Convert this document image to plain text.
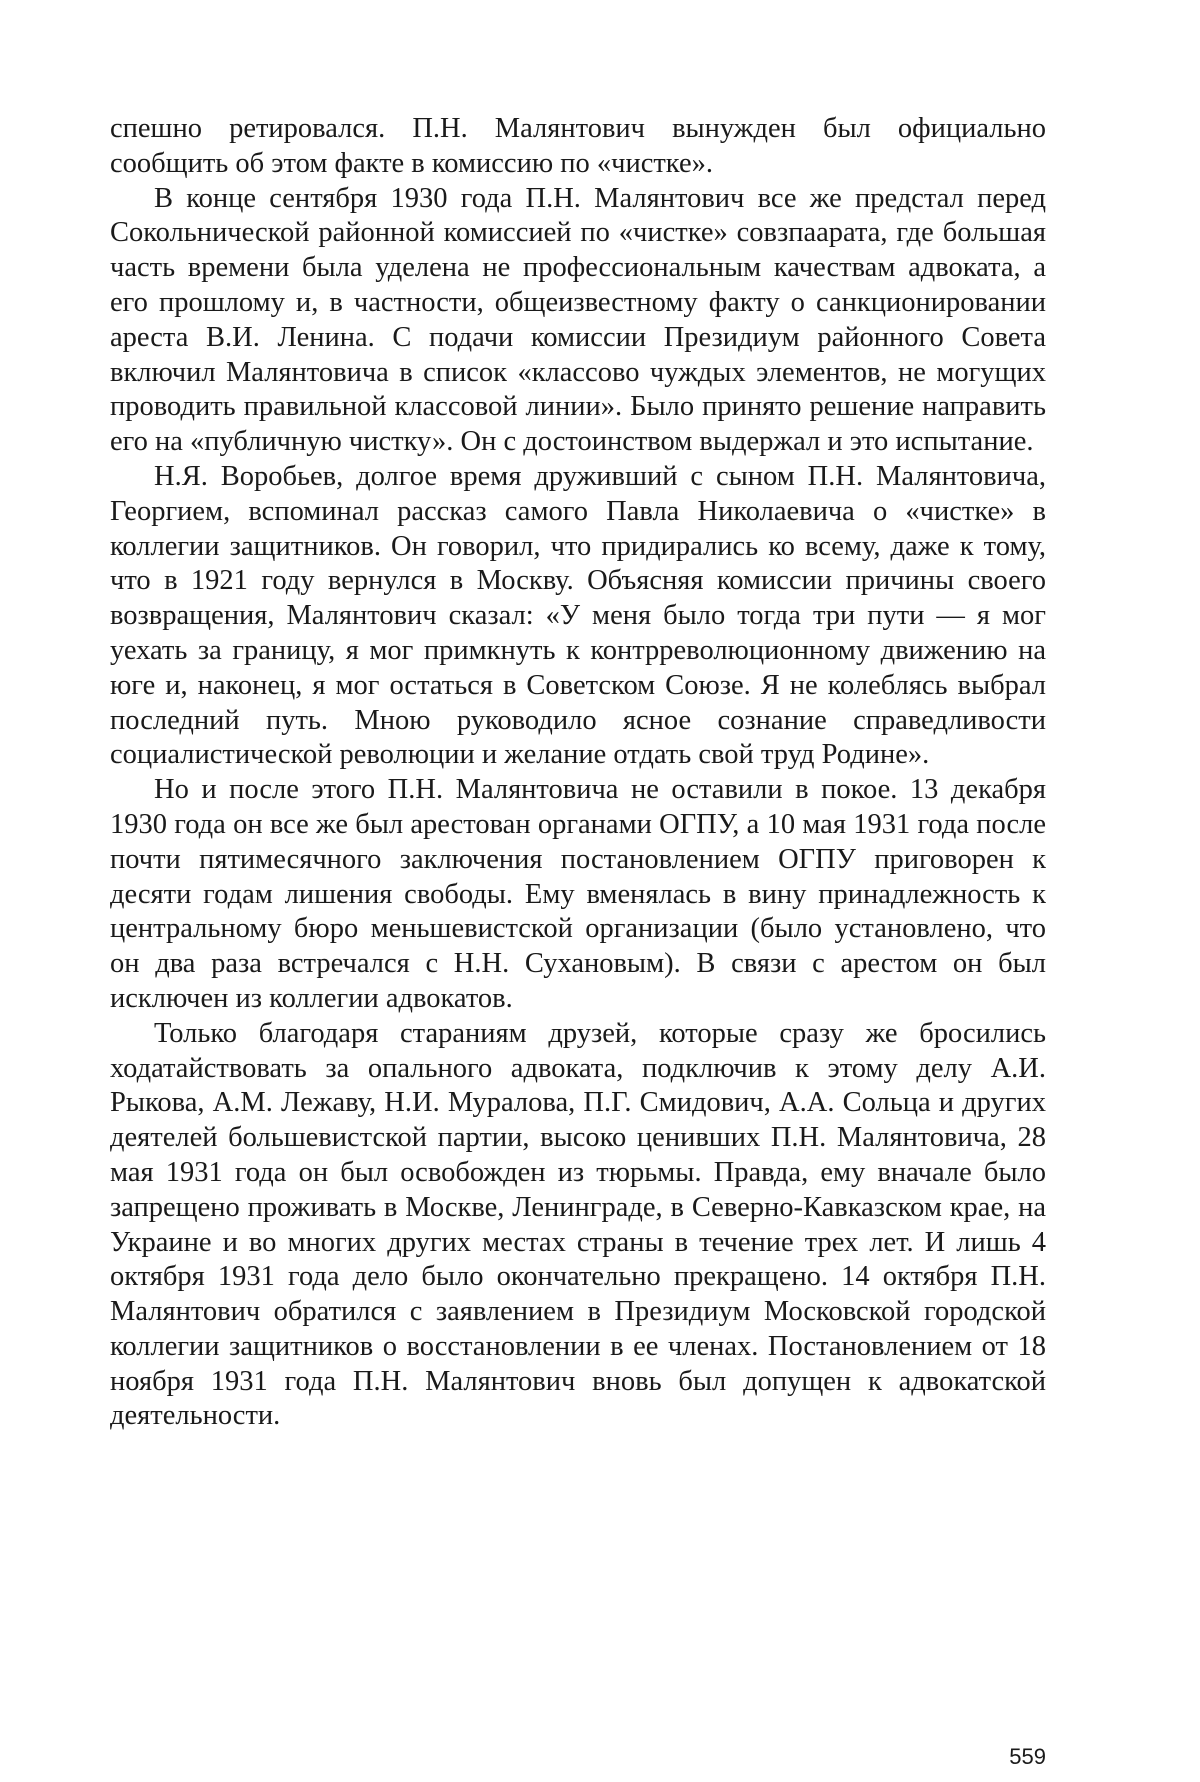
спешно ретировался. П.Н. Малянтович вынужден был официально сообщить об этом факте в комиссию по «чистке».

В конце сентября 1930 года П.Н. Малянтович все же предстал перед Сокольнической районной комиссией по «чистке» совзпаарата, где большая часть времени была уделена не профессиональным качествам адвоката, а его прошлому и, в частности, общеизвестному факту о санкционировании ареста В.И. Ленина. С подачи комиссии Президиум районного Совета включил Малянтовича в список «классово чуждых элементов, не могущих проводить правильной классовой линии». Было принято решение направить его на «публичную чистку». Он с достоинством выдержал и это испытание.

Н.Я. Воробьев, долгое время друживший с сыном П.Н. Малянтовича, Георгием, вспоминал рассказ самого Павла Николаевича о «чистке» в коллегии защитников. Он говорил, что придирались ко всему, даже к тому, что в 1921 году вернулся в Москву. Объясняя комиссии причины своего возвращения, Малянтович сказал: «У меня было тогда три пути — я мог уехать за границу, я мог примкнуть к контрреволюционному движению на юге и, наконец, я мог остаться в Советском Союзе. Я не колеблясь выбрал последний путь. Мною руководило ясное сознание справедливости социалистической революции и желание отдать свой труд Родине».

Но и после этого П.Н. Малянтовича не оставили в покое. 13 декабря 1930 года он все же был арестован органами ОГПУ, а 10 мая 1931 года после почти пятимесячного заключения постановлением ОГПУ приговорен к десяти годам лишения свободы. Ему вменялась в вину принадлежность к центральному бюро меньшевистской организации (было установлено, что он два раза встречался с Н.Н. Сухановым). В связи с арестом он был исключен из коллегии адвокатов.

Только благодаря стараниям друзей, которые сразу же бросились ходатайствовать за опального адвоката, подключив к этому делу А.И. Рыкова, А.М. Лежаву, Н.И. Муралова, П.Г. Смидович, А.А. Сольца и других деятелей большевистской партии, высоко ценивших П.Н. Малянтовича, 28 мая 1931 года он был освобожден из тюрьмы. Правда, ему вначале было запрещено проживать в Москве, Ленинграде, в Северно-Кавказском крае, на Украине и во многих других местах страны в течение трех лет. И лишь 4 октября 1931 года дело было окончательно прекращено. 14 октября П.Н. Малянтович обратился с заявлением в Президиум Московской городской коллегии защитников о восстановлении в ее членах. Постановлением от 18 ноября 1931 года П.Н. Малянтович вновь был допущен к адвокатской деятельности.

559
